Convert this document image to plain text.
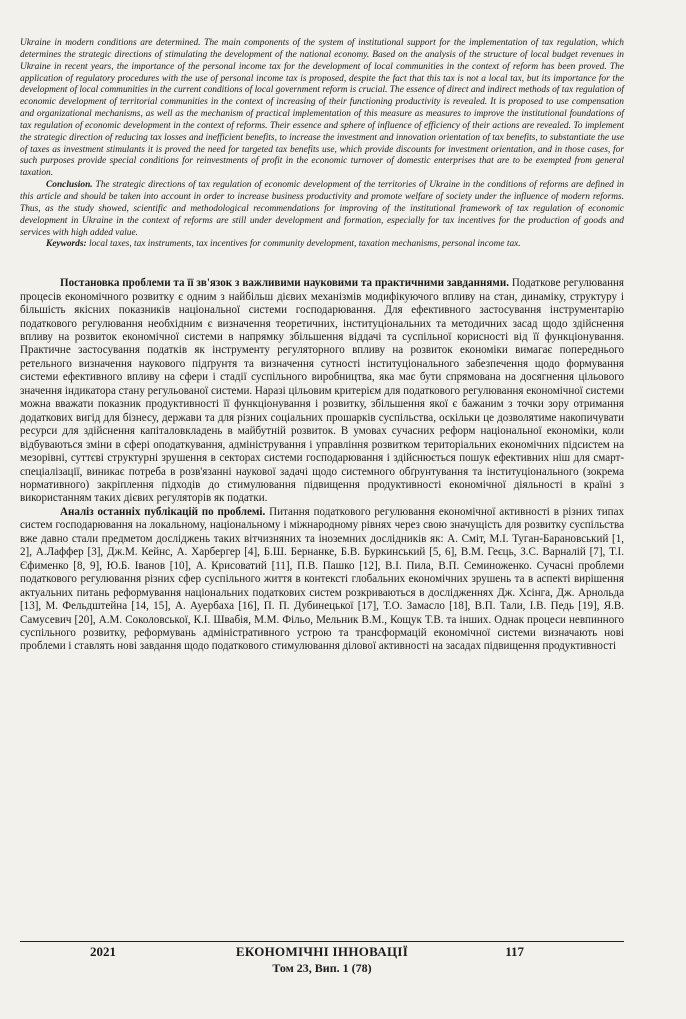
Ukraine in modern conditions are determined. The main components of the system of institutional support for the implementation of tax regulation, which determines the strategic directions of stimulating the development of the national economy. Based on the analysis of the structure of local budget revenues in Ukraine in recent years, the importance of the personal income tax for the development of local communities in the context of reform has been proved. The application of regulatory procedures with the use of personal income tax is proposed, despite the fact that this tax is not a local tax, but its importance for the development of local communities in the current conditions of local government reform is crucial. The essence of direct and indirect methods of tax regulation of economic development of territorial communities in the context of increasing of their functioning productivity is revealed. It is proposed to use compensation and organizational mechanisms, as well as the mechanism of practical implementation of this measure as measures to improve the institutional foundations of tax regulation of economic development in the context of reforms. Their essence and sphere of influence of efficiency of their actions are revealed. To implement the strategic direction of reducing tax losses and inefficient benefits, to increase the investment and innovation orientation of tax benefits, to substantiate the use of taxes as investment stimulants it is proved the need for targeted tax benefits use, which provide discounts for investment orientation, and in those cases, for such purposes provide special conditions for reinvestments of profit in the economic turnover of domestic enterprises that are to be exempted from general taxation.

Conclusion. The strategic directions of tax regulation of economic development of the territories of Ukraine in the conditions of reforms are defined in this article and should be taken into account in order to increase business productivity and promote welfare of society under the influence of modern reforms. Thus, as the study showed, scientific and methodological recommendations for improving of the institutional framework of tax regulation of economic development in Ukraine in the context of reforms are still under development and formation, especially for tax incentives for the production of goods and services with high added value.

Keywords: local taxes, tax instruments, tax incentives for community development, taxation mechanisms, personal income tax.

Постановка проблеми та її зв'язок з важливими науковими та практичними завданнями. Податкове регулювання процесів економічного розвитку є одним з найбільш дієвих механізмів модифікуючого впливу на стан, динаміку, структуру і більшість якісних показників національної системи господарювання. Для ефективного застосування інструментарію податкового регулювання необхідним є визначення теоретичних, інституціональних та методичних засад щодо здійснення впливу на розвиток економічної системи в напрямку збільшення віддачі та суспільної корисності від її функціонування. Практичне застосування податків як інструменту регуляторного впливу на розвиток економіки вимагає попереднього ретельного визначення наукового підґрунтя та визначення сутності інституціонального забезпечення щодо формування системи ефективного впливу на сфери і стадії суспільного виробництва, яка має бути спрямована на досягнення цільового значення індикатора стану регульованої системи. Наразі цільовим критерієм для податкового регулювання економічної системи можна вважати показник продуктивності її функціонування і розвитку, збільшення якої є бажаним з точки зору отримання додаткових вигід для бізнесу, держави та для різних соціальних прошарків суспільства, оскільки це дозволятиме накопичувати ресурси для здійснення капіталовкладень в майбутній розвиток. В умовах сучасних реформ національної економіки, коли відбуваються зміни в сфері оподаткування, адміністрування і управління розвитком територіальних економічних підсистем на мезорівні, суттєві структурні зрушення в секторах системи господарювання і здійснюється пошук ефективних ніш для смарт-спеціалізації, виникає потреба в розв'язанні наукової задачі щодо системного обґрунтування та інституціонального (зокрема нормативного) закріплення підходів до стимулювання підвищення продуктивності економічної діяльності в країні з використанням таких дієвих регуляторів як податки.

Аналіз останніх публікацій по проблемі. Питання податкового регулювання економічної активності в різних типах систем господарювання на локальному, національному і міжнародному рівнях через свою значущість для розвитку суспільства вже давно стали предметом досліджень таких вітчизняних та іноземних дослідників як: А. Сміт, М.І. Туган-Барановський [1, 2], А.Лаффер [3], Дж.М. Кейнс, А. Харбергер [4], Б.Ш. Бернанке, Б.В. Буркинський [5, 6], В.М. Геєць, З.С. Варналій [7], Т.І. Єфименко [8, 9], Ю.Б. Іванов [10], А. Крисоватий [11], П.В. Пашко [12], В.І. Пила, В.П. Семиноженко. Сучасні проблеми податкового регулювання різних сфер суспільного життя в контексті глобальних економічних зрушень та в аспекті вирішення актуальних питань реформування національних податкових систем розкриваються в дослідженнях Дж. Хсінга, Дж. Арнольда [13], М. Фельдштейна [14, 15], А. Ауербаха [16], П. П. Дубинецької [17], Т.О. Замасло [18], В.П. Тали, І.В. Педь [19], Я.В. Самусевич [20], А.М. Соколовської, К.І. Швабія, М.М. Фільо, Мельник В.М., Кощук Т.В. та інших. Однак процеси невпинного суспільного розвитку, реформувань адміністративного устрою та трансформацій економічної системи визначають нові проблеми і ставлять нові завдання щодо податкового стимулювання ділової активності на засадах підвищення продуктивності

2021	ЕКОНОМІЧНІ ІННОВАЦІЇ
Том 23, Вип. 1 (78)
117
